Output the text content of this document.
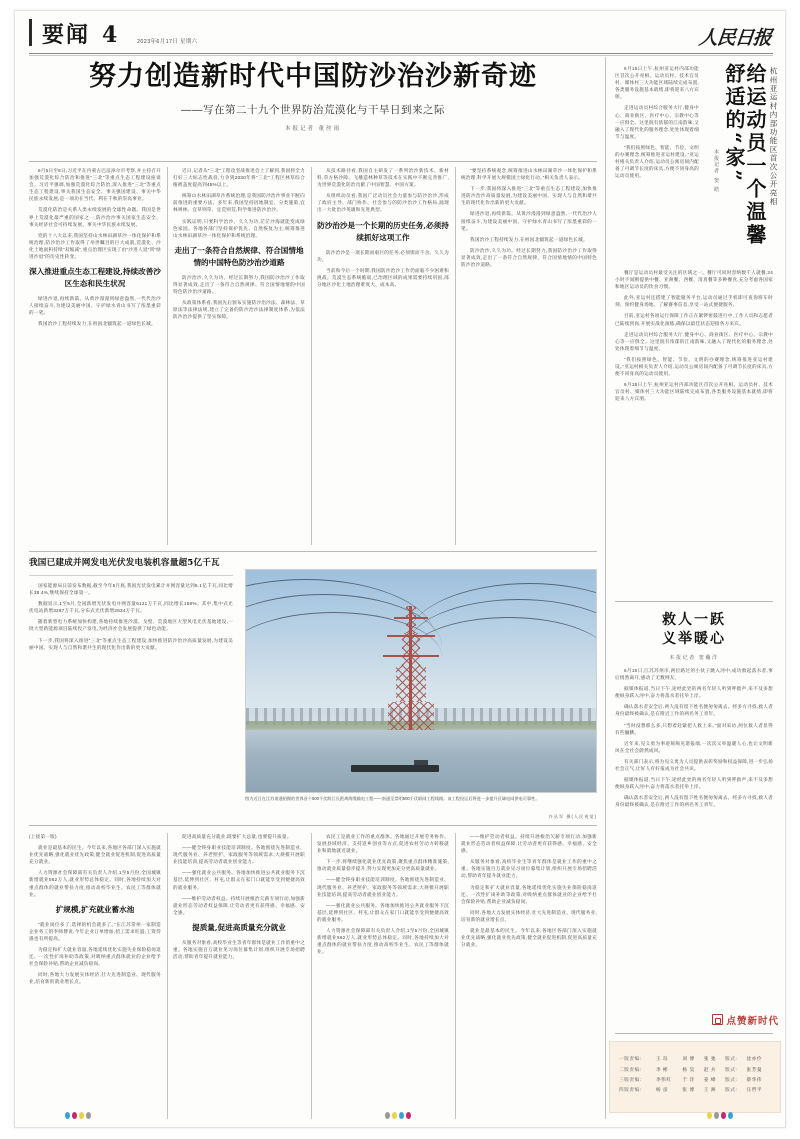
要闻 4	2023年6月17日 星期六	人民日报
努力创造新时代中国防沙治沙新奇迹
——写在第二十九个世界防治荒漠化与干旱日到来之际
本报记者 董丝雨

6月5日至6日,习近平在内蒙古巴彦淖尔市考察,并主持召开加强荒漠化综合防治和推进“三北”等重点生态工程建设座谈会。习近平强调,加强荒漠化综合防治,深入推进“三北”等重点生态工程建设,事关我国生态安全、事关强国建设、事关中华民族永续发展,是一项功在当代、利在千秋的崇高事业。

荒漠化防治是关系人类永续发展的全球性命题。我国是世界上荒漠化最严重的国家之一,防沙治沙事关国家生态安全、事关经济社会可持续发展、事关中华民族永续发展。

党的十八大以来,我国坚持山水林田湖草沙一体化保护和系统治理,防沙治沙工作取得了举世瞩目的巨大成就,荒漠化、沙化土地面积持续“双缩减”,重点治理区实现了由“沙进人退”到“绿进沙退”的历史性转变。

深入推进重点生态工程建设,持续改善沙区生态和民生状况

绿进沙退,再续新篇。从黄沙漫漫到绿意盎然,一代代治沙人接续奋斗,为建设美丽中国、守护绿水青山书写了浓墨重彩的一笔。

我国治沙工程持续发力,在祖国北疆筑起一道绿色长城。

近日,记者从“三北”工程攻坚战推进会上了解到,我国将全力打好三大标志性战役,力争到2030年将“三北”工程区林草综合植被盖度提高到45%以上。

统筹山水林田湖草沙系统治理,是我国防沙治沙事业不断向前推进的重要方法。多年来,我国坚持因地制宜、分类施策,宜林则林、宜草则草、宜荒则荒,科学推进防沙治沙。

实践证明,只要科学治沙、久久为功,茫茫沙海就能变成绿色家园。各地各部门坚持保护优先、自然恢复为主,统筹推进山水林田湖草沙一体化保护和系统治理。

走出了一条符合自然规律、符合国情地情的中国特色防沙治沙道路

防沙治沙,久久为功。经过长期努力,我国防沙治沙工作取得显著成效,走出了一条符合自然规律、符合国情地情的中国特色防沙治沙道路。

从政策体系看,我国先后颁布实施防沙治沙法、森林法、草原法等法律法规,建立了完备的防沙治沙法律制度体系,为依法防沙治沙提供了坚实保障。

从技术路径看,我国自主研发了一系列治沙新技术、新材料,草方格沙障、飞播造林种草等技术在实践中不断完善推广,为世界荒漠化防治贡献了中国智慧、中国方案。

从组织动员看,我国广泛动员社会力量参与防沙治沙,形成了政府主导、部门协作、社会参与的防沙治沙工作格局,涌现出一大批治沙英雄和先进典型。

防沙治沙是一个长期的历史任务,必须持续抓好这项工作

防沙治沙是一项长期而艰巨的任务,必须锲而不舍、久久为功。

当前和今后一个时期,我国防沙治沙工作仍面临不少困难和挑战。荒漠生态系统脆弱,已治理区域的成果需要持续巩固,部分地区沙化土地治理难度大、成本高。

“要坚持系统观念,统筹推进山水林田湖草沙一体化保护和系统治理,科学开展大规模国土绿化行动。”相关负责人表示。

下一步,我国将深入推进“三北”等重点生态工程建设,加快推进防沙治沙高质量发展,为建设美丽中国、实现人与自然和谐共生的现代化作出新的更大贡献。

绿进沙退,再续新篇。从黄沙漫漫到绿意盎然,一代代治沙人接续奋斗,为建设美丽中国、守护绿水青山书写了浓墨重彩的一笔。

我国治沙工程持续发力,在祖国北疆筑起一道绿色长城。

防沙治沙,久久为功。经过长期努力,我国防沙治沙工作取得显著成效,走出了一条符合自然规律、符合国情地情的中国特色防沙治沙道路。

我国已建成并网发电光伏发电装机容量超5亿千瓦

国家能源局日前发布数据,截至今年5月底,我国光伏发电累计并网容量达到5.1亿千瓦,同比增长38.4%,继续保持全球第一。

数据显示,1至5月,全国新增光伏发电并网容量6121万千瓦,同比增长158%。其中,集中式光伏电站新增3287万千瓦,分布式光伏新增2834万千瓦。

随着新型电力系统加快构建,各地持续推进沙漠、戈壁、荒漠地区大型风电光伏基地建设,一批大型新能源项目陆续投产发电,为经济社会发展提供了绿色动能。

下一步,我国将深入推进“三北”等重点生态工程建设,加快推进防沙治沙高质量发展,为建设美丽中国、实现人与自然和谐共生的现代化作出新的更大贡献。

图为近日在江苏南通拍摄的世界首个500千伏跨江长距离海缆输电工程——南通至崇明500千伏联网工程线路。该工程投运后将进一步提升区域电网供电可靠性。
许丛军 摄(人民视觉)

(上接第一版)

就业是最基本的民生。今年以来,各地区各部门深入实施就业优先战略,强化就业优先政策,健全就业促进机制,促进高质量充分就业。

人力资源社会保障部有关负责人介绍,1至5月份,全国城镇新增就业562万人,就业形势总体稳定。同时,各地持续加大对重点群体的就业帮扶力度,推动高校毕业生、农民工等群体就业。

扩规模,扩充就业蓄水池

“就业岗位多了,选择的机会就多了。”在江苏常州一家制造企业务工的李师傅说,今年企业订单增加,招工需求旺盛,工资待遇也有所提高。

为稳定和扩大就业容量,各地延续优化实施失业保险稳岗返还、一次性扩岗补助等政策,对吸纳重点群体就业的企业给予社会保险补贴,帮助企业减负稳岗。

同时,各地大力发展实体经济,壮大先进制造业、现代服务业,培育新的就业增长点。

促进高质量充分就业,既要扩大总量,也要提升质量。

——健全终身职业技能培训制度。各地围绕先进制造业、现代服务业、养老照护、家政服务等领域需求,大规模开展职业技能培训,提高劳动者就业创业能力。

——强化就业公共服务。各地加快推进公共就业服务下沉基层,延伸到社区、村屯,让群众在家门口就能享受到便捷高效的就业服务。

——维护劳动者权益。持续开展根治欠薪专项行动,加强新就业形态劳动者权益保障,让劳动者更有获得感、幸福感、安全感。

提质量,促进高质量充分就业

从服务对象看,高校毕业生等青年群体是就业工作的重中之重。各地实施百万就业见习岗位募集计划,组织开展专场招聘活动,帮助青年提升就业能力。

农民工是就业工作的重点群体。各地通过开展劳务协作、发展县域经济、支持返乡创业等方式,促进农村劳动力转移就业和就地就近就业。

下一步,将继续强化就业优先政策,聚焦重点群体精准施策,推动就业质量稳步提升,努力实现更加充分更高质量就业。

——健全终身职业技能培训制度。各地围绕先进制造业、现代服务业、养老照护、家政服务等领域需求,大规模开展职业技能培训,提高劳动者就业创业能力。

——强化就业公共服务。各地加快推进公共就业服务下沉基层,延伸到社区、村屯,让群众在家门口就能享受到便捷高效的就业服务。

人力资源社会保障部有关负责人介绍,1至5月份,全国城镇新增就业562万人,就业形势总体稳定。同时,各地持续加大对重点群体的就业帮扶力度,推动高校毕业生、农民工等群体就业。

——维护劳动者权益。持续开展根治欠薪专项行动,加强新就业形态劳动者权益保障,让劳动者更有获得感、幸福感、安全感。

从服务对象看,高校毕业生等青年群体是就业工作的重中之重。各地实施百万就业见习岗位募集计划,组织开展专场招聘活动,帮助青年提升就业能力。

为稳定和扩大就业容量,各地延续优化实施失业保险稳岗返还、一次性扩岗补助等政策,对吸纳重点群体就业的企业给予社会保险补贴,帮助企业减负稳岗。

同时,各地大力发展实体经济,壮大先进制造业、现代服务业,培育新的就业增长点。

就业是最基本的民生。今年以来,各地区各部门深入实施就业优先战略,强化就业优先政策,健全就业促进机制,促进高质量充分就业。

杭州亚运村内部功能区首次公开亮相
给运动员一个温馨舒适的“家”
本报记者 窦 皓

6月15日上午,杭州亚运村内部功能区首次公开亮相。运动员村、技术官员村、媒体村三大功能区域陆续完成布置,各类服务设施基本就绪,即将迎来八方宾朋。

走进运动员村综合服务大厅,健身中心、商业街区、医疗中心、宗教中心等一应俱全。这里既有浓郁的江南韵味,又融入了现代化的服务理念,处处体现着细节与温度。

“我们按照绿色、智能、节俭、文明的办赛理念,统筹推进亚运村建设。”亚运村相关负责人介绍,运动员公寓房间内配备了可调节长度的床具,方便不同身高的运动员使用。

餐厅是运动员村最受关注的区域之一。餐厅可同时容纳数千人就餐,24小时不间断提供中餐、亚洲餐、西餐、清真餐等多种餐食,充分考虑各国家和地区运动员的饮食习惯。

此外,亚运村还搭建了智能服务平台,运动员通过手机即可查询班车时刻、预约健身场地、了解赛事信息,享受一站式便捷服务。

目前,亚运村各项运行保障工作正在紧锣密鼓进行中,工作人员和志愿者已陆续到岗,开展实战化演练,确保以最佳状态迎接各方来宾。

走进运动员村综合服务大厅,健身中心、商业街区、医疗中心、宗教中心等一应俱全。这里既有浓郁的江南韵味,又融入了现代化的服务理念,处处体现着细节与温度。

“我们按照绿色、智能、节俭、文明的办赛理念,统筹推进亚运村建设。”亚运村相关负责人介绍,运动员公寓房间内配备了可调节长度的床具,方便不同身高的运动员使用。

6月15日上午,杭州亚运村内部功能区首次公开亮相。运动员村、技术官员村、媒体村三大功能区域陆续完成布置,各类服务设施基本就绪,即将迎来八方宾朋。

救人一跃
义举暖心
本报记者 窦瀚洋

6月15日,江苏苏州市,两位路过的小伙子跳入河中,成功救起落水者,事后悄然离开,感动了无数网友。

据媒体报道,当日下午,途经此处的两名年轻人听到呼救声,来不及多想便纵身跃入河中,奋力将落水者托举上岸。

确认落水者安全后,两人没有留下姓名便匆匆离去。经多方寻找,救人者身份最终被确认,是在附近工作的两名务工青年。

“当时没想那么多,只想着赶紧把人救上来。”面对采访,两位救人者显得有些腼腆。

近年来,见义勇为事迹频频见诸报端,一次次义举温暖人心,也让文明新风在全社会蔚然成风。

有关部门表示,将为见义勇为人员提供表彰奖励和权益保障,进一步弘扬社会正气,让好人有好报成为社会共识。

据媒体报道,当日下午,途经此处的两名年轻人听到呼救声,来不及多想便纵身跃入河中,奋力将落水者托举上岸。

确认落水者安全后,两人没有留下姓名便匆匆离去。经多方寻找,救人者身份最终被确认,是在附近工作的两名务工青年。

点赞新时代
一版责编:	王 珏	刘 博	张 弛	版式:	沈亦伶
二版责编:	李 彬	杨 昊	赵 兵	版式:	张芳曼
三版责编:	李伟红	于 洋	姜 峰	版式:	蔡华伟
四版责编:	杨 彦	张 博	王 洲	版式:	汪哲平
